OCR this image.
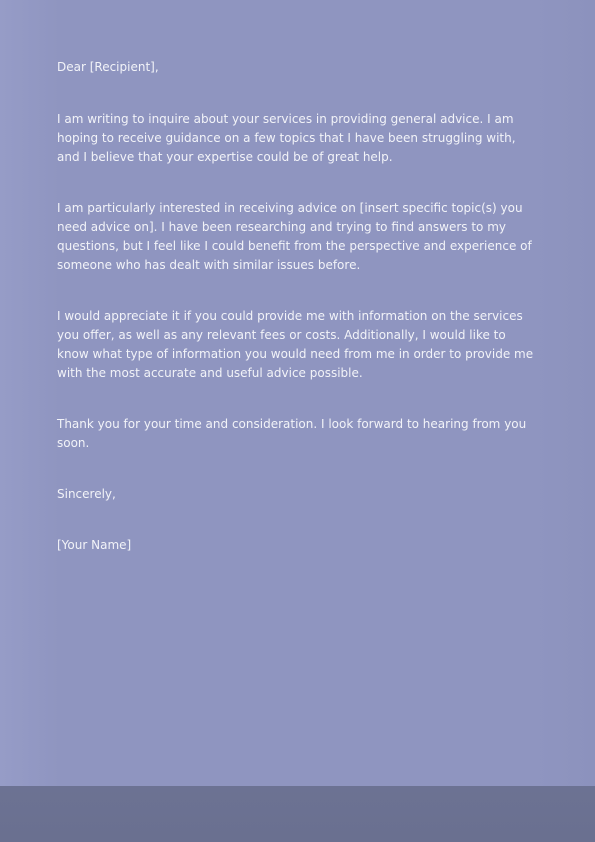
Dear [Recipient],

I am writing to inquire about your services in providing general advice. I am hoping to receive guidance on a few topics that I have been struggling with, and I believe that your expertise could be of great help.

I am particularly interested in receiving advice on [insert specific topic(s) you need advice on]. I have been researching and trying to find answers to my questions, but I feel like I could benefit from the perspective and experience of someone who has dealt with similar issues before.

I would appreciate it if you could provide me with information on the services you offer, as well as any relevant fees or costs. Additionally, I would like to know what type of information you would need from me in order to provide me with the most accurate and useful advice possible.

Thank you for your time and consideration. I look forward to hearing from you soon.

Sincerely,

[Your Name]
